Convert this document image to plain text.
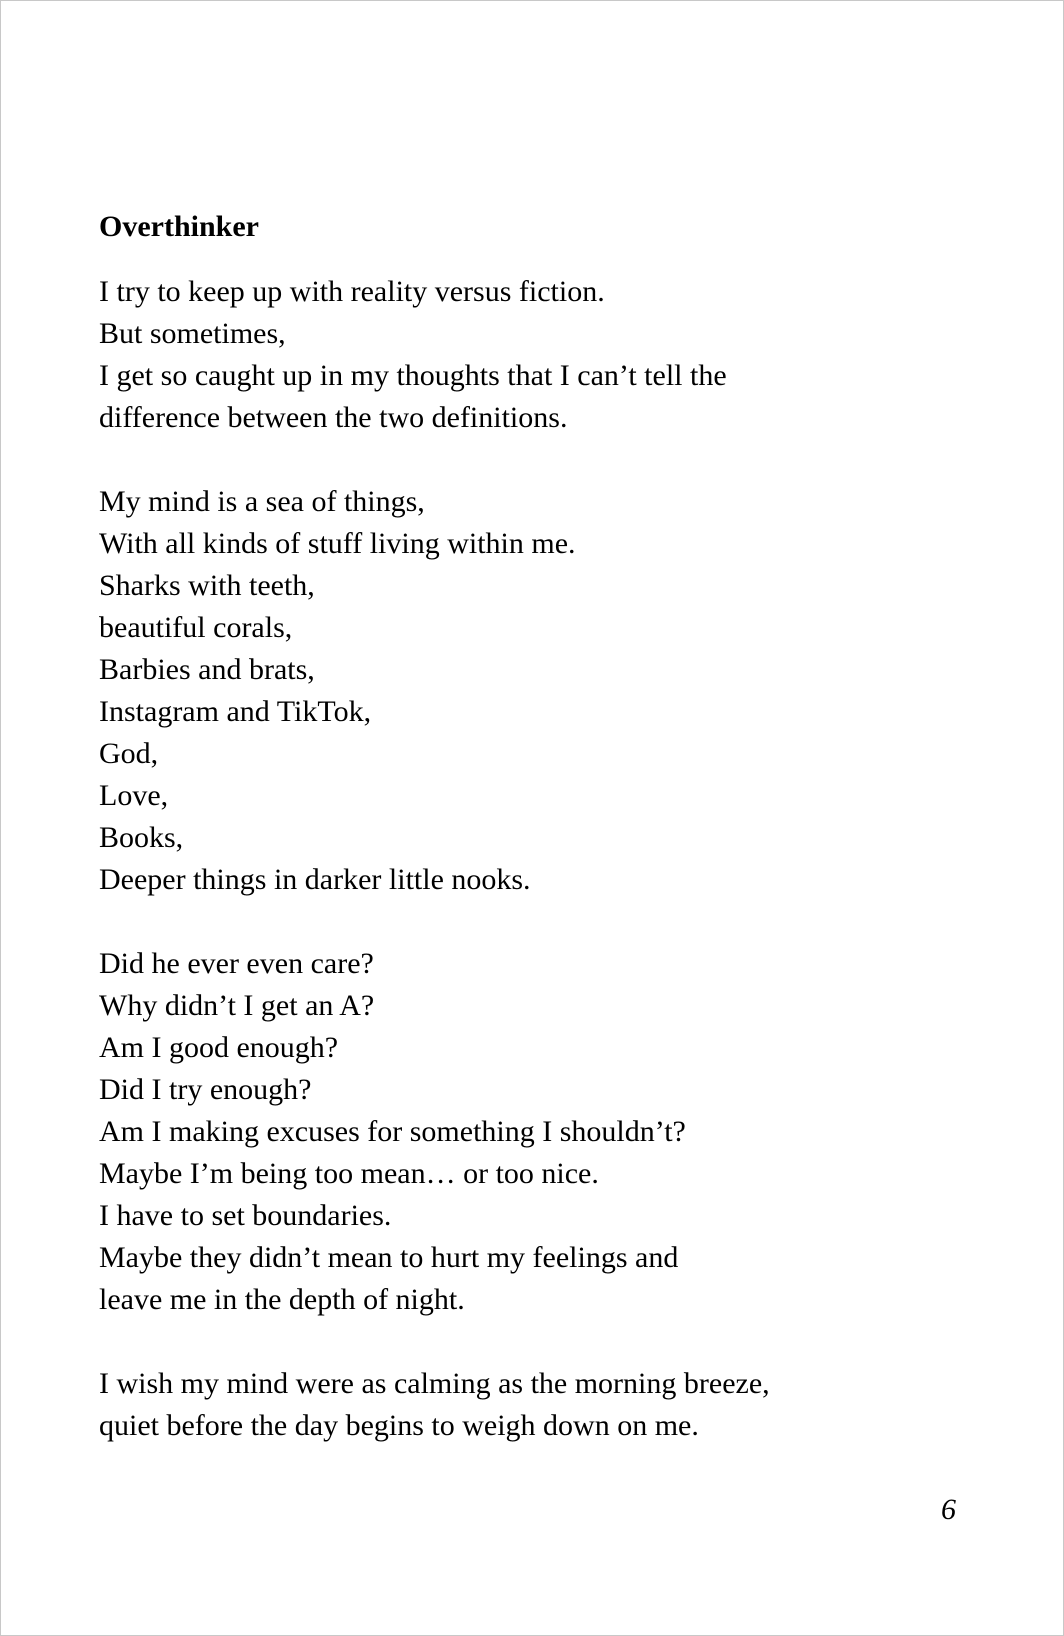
Overthinker
I try to keep up with reality versus fiction.
But sometimes,
I get so caught up in my thoughts that I can’t tell the
difference between the two definitions.
My mind is a sea of things,
With all kinds of stuff living within me.
Sharks with teeth,
beautiful corals,
Barbies and brats,
Instagram and TikTok,
God,
Love,
Books,
Deeper things in darker little nooks.
Did he ever even care?
Why didn’t I get an A?
Am I good enough?
Did I try enough?
Am I making excuses for something I shouldn’t?
Maybe I’m being too mean… or too nice.
I have to set boundaries.
Maybe they didn’t mean to hurt my feelings and
leave me in the depth of night.
I wish my mind were as calming as the morning breeze,
quiet before the day begins to weigh down on me.
6
